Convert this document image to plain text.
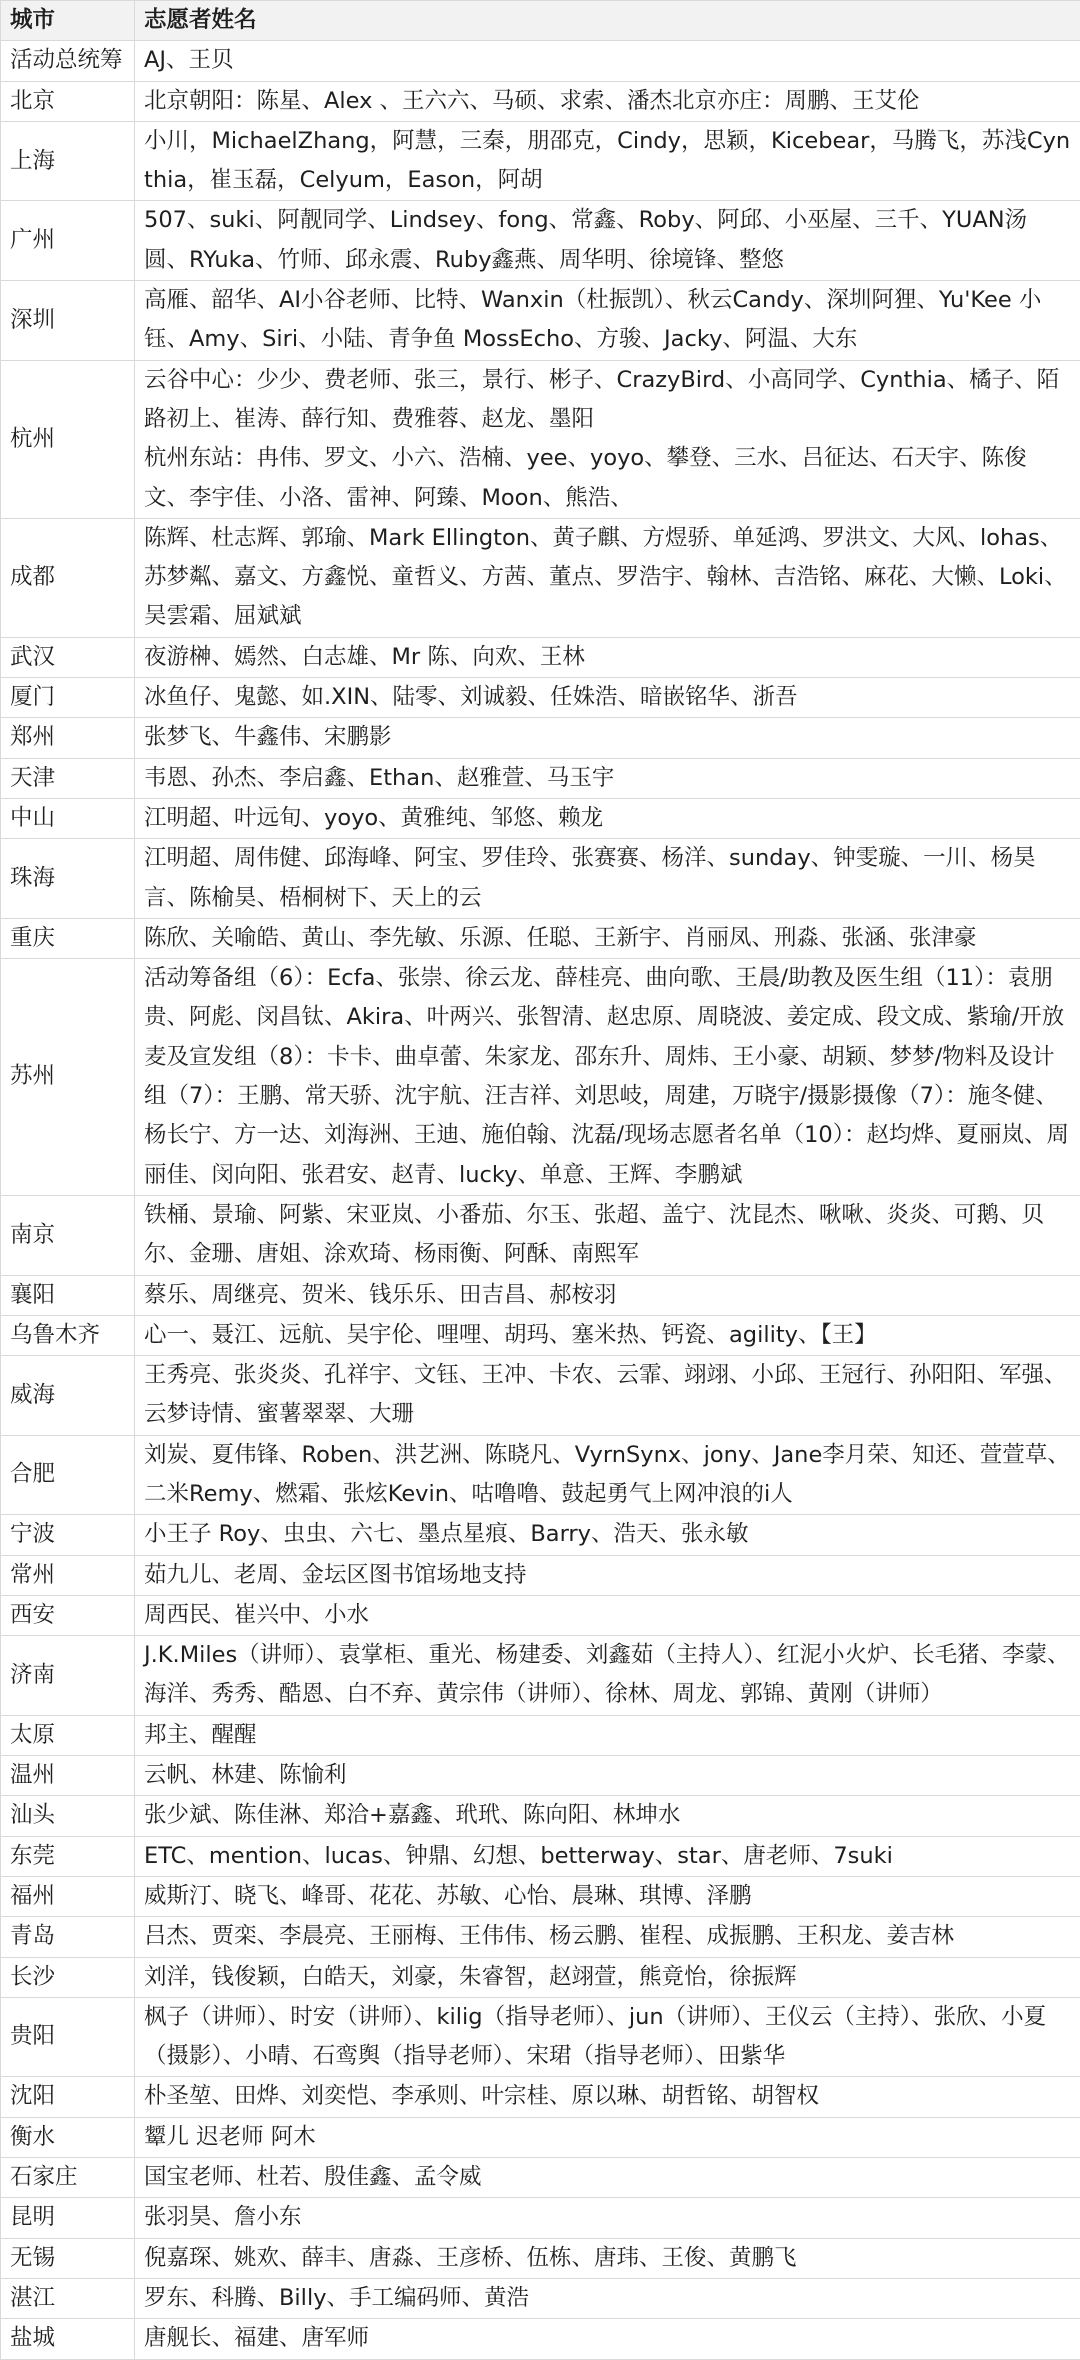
城市	志愿者姓名
活动总统筹	AJ、王贝
北京	北京朝阳：陈星、Alex 、王六六、马硕、求索、潘杰北京亦庄：周鹏、王艾伦
上海	小川，MichaelZhang，阿慧，三秦，朋邵克，Cindy，思颖，Kicebear，马腾飞，苏浅Cynthia，崔玉磊，Celyum，Eason，阿胡
广州	507、suki、阿靓同学、Lindsey、fong、常鑫、Roby、阿邱、小巫屋、三千、YUAN汤圆、RYuka、竹师、邱永震、Ruby鑫燕、周华明、徐境锋、整悠
深圳	高雁、韶华、AI小谷老师、比特、Wanxin（杜振凯）、秋云Candy、深圳阿狸、Yu'Kee 小钰、Amy、Siri、小陆、青争鱼 MossEcho、方骏、Jacky、阿温、大东
杭州	云谷中心：少少、费老师、张三，景行、彬子、CrazyBird、小高同学、Cynthia、橘子、陌路初上、崔涛、薛行知、费雅蓉、赵龙、墨阳
杭州东站：冉伟、罗文、小六、浩楠、yee、yoyo、攀登、三水、吕征达、石天宇、陈俊文、李宇佳、小洛、雷神、阿臻、Moon、熊浩、
成都	陈辉、杜志辉、郭瑜、Mark Ellington、黄子麒、方煜骄、单延鸿、罗洪文、大风、lohas、苏梦粼、嘉文、方鑫悦、童哲义、方茜、董点、罗浩宇、翰林、吉浩铭、麻花、大懒、Loki、吴雲霜、屈斌斌
武汉	夜游榊、嫣然、白志雄、Mr 陈、向欢、王林
厦门	冰鱼仔、鬼懿、如.XIN、陆零、刘诚毅、任姝浩、暗嵌铭华、浙吾
郑州	张梦飞、牛鑫伟、宋鹏影
天津	韦恩、孙杰、李启鑫、Ethan、赵雅萱、马玉宇
中山	江明超、叶远旬、yoyo、黄雅纯、邹悠、赖龙
珠海	江明超、周伟健、邱海峰、阿宝、罗佳玲、张赛赛、杨洋、sunday、钟雯璇、一川、杨昊言、陈榆昊、梧桐树下、天上的云
重庆	陈欣、关喻皓、黄山、李先敏、乐源、任聪、王新宇、肖丽凤、刑淼、张涵、张津豪
苏州	活动筹备组（6）：Ecfa、张崇、徐云龙、薛桂亮、曲向歌、王晨/助教及医生组（11）：袁朋贵、阿彪、闵昌钛、Akira、叶两兴、张智清、赵忠原、周晓波、姜定成、段文成、紫瑜/开放麦及宣发组（8）：卡卡、曲卓蕾、朱家龙、邵东升、周炜、王小豪、胡颖、梦梦/物料及设计组（7）：王鹏、常天骄、沈宇航、汪吉祥、刘思岐，周建，万晓宇/摄影摄像（7）：施冬健、杨长宁、方一达、刘海洲、王迪、施伯翰、沈磊/现场志愿者名单（10）：赵均烨、夏丽岚、周丽佳、闵向阳、张君安、赵青、lucky、单意、王辉、李鹏斌
南京	铁桶、景瑜、阿紫、宋亚岚、小番茄、尔玉、张超、盖宁、沈昆杰、啾啾、炎炎、可鹅、贝尔、金珊、唐姐、涂欢琦、杨雨衡、阿酥、南熙军
襄阳	蔡乐、周继亮、贺米、钱乐乐、田吉昌、郝桉羽
乌鲁木齐	心一、聂江、远航、吴宇伦、哩哩、胡玛、塞米热、钙瓷、agility、【王】
威海	王秀亮、张炎炎、孔祥宇、文钰、王冲、卡农、云霏、翊翊、小邱、王冠行、孙阳阳、军强、云梦诗情、蜜薯翠翠、大珊
合肥	刘炭、夏伟锋、Roben、洪艺洲、陈晓凡、VyrnSynx、jony、Jane李月荣、知还、萱萱草、二米Remy、燃霜、张炫Kevin、咕噜噜、鼓起勇气上网冲浪的i人
宁波	小王子 Roy、虫虫、六七、墨点星痕、Barry、浩天、张永敏
常州	茹九儿、老周、金坛区图书馆场地支持
西安	周西民、崔兴中、小水
济南	J.K.Miles（讲师）、袁掌柜、重光、杨建委、刘鑫茹（主持人）、红泥小火炉、长毛猪、李蒙、海洋、秀秀、酷恩、白不弃、黄宗伟（讲师）、徐林、周龙、郭锦、黄刚（讲师）
太原	邦主、醒醒
温州	云帆、林建、陈愉利
汕头	张少斌、陈佳淋、郑洽+嘉鑫、玳玳、陈向阳、林坤水
东莞	ETC、mention、lucas、钟鼎、幻想、betterway、star、唐老师、7suki
福州	威斯汀、晓飞、峰哥、花花、苏敏、心怡、晨琳、琪博、泽鹏
青岛	吕杰、贾栾、李晨亮、王丽梅、王伟伟、杨云鹏、崔程、成振鹏、王积龙、姜吉林
长沙	刘洋，钱俊颖，白皓天，刘豪，朱睿智，赵翊萱，熊竟怡，徐振辉
贵阳	枫子（讲师）、时安（讲师）、kilig（指导老师）、jun（讲师）、王仪云（主持）、张欣、小夏（摄影）、小晴、石鸾舆（指导老师）、宋珺（指导老师）、田紫华
沈阳	朴圣堃、田烨、刘奕恺、李承则、叶宗桂、原以琳、胡哲铭、胡智权
衡水	颦儿 迟老师 阿木
石家庄	国宝老师、杜若、殷佳鑫、孟令威
昆明	张羽昊、詹小东
无锡	倪嘉琛、姚欢、薛丰、唐淼、王彦桥、伍栋、唐玮、王俊、黄鹏飞
湛江	罗东、科腾、Billy、手工编码师、黄浩
盐城	唐舰长、福建、唐军师
